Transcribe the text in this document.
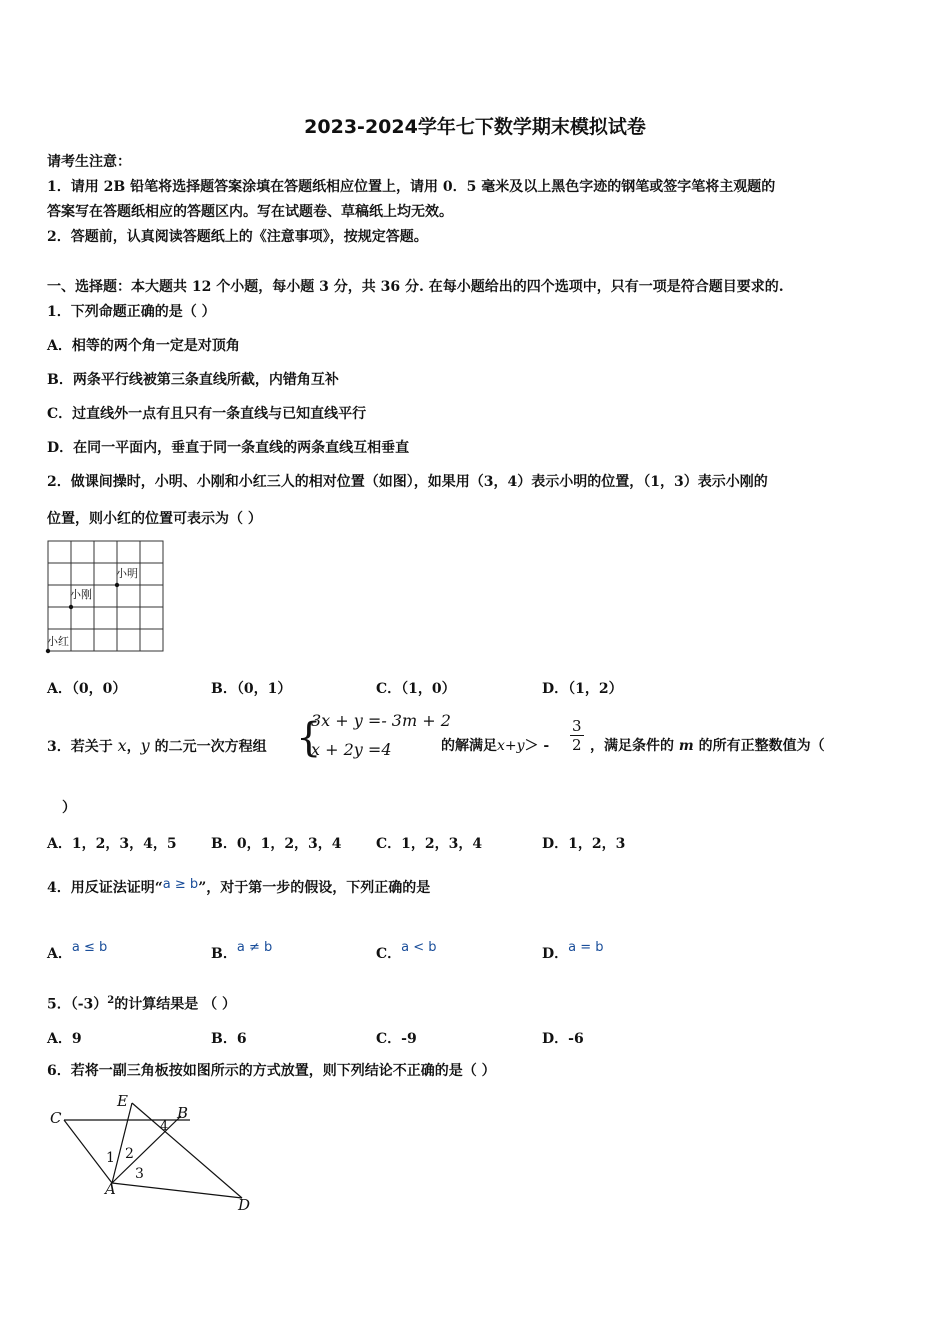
2023-2024学年七下数学期末模拟试卷
请考生注意：
1．请用 2B 铅笔将选择题答案涂填在答题纸相应位置上，请用 0．5 毫米及以上黑色字迹的钢笔或签字笔将主观题的
答案写在答题纸相应的答题区内。写在试题卷、草稿纸上均无效。
2．答题前，认真阅读答题纸上的《注意事项》，按规定答题。
一、选择题：本大题共 12 个小题，每小题 3 分，共 36 分. 在每小题给出的四个选项中，只有一项是符合题目要求的.
1．下列命题正确的是（ ）
A．相等的两个角一定是对顶角
B．两条平行线被第三条直线所截，内错角互补
C．过直线外一点有且只有一条直线与已知直线平行
D．在同一平面内，垂直于同一条直线的两条直线互相垂直
2．做课间操时，小明、小刚和小红三人的相对位置（如图），如果用（3，4）表示小明的位置，（1，3）表示小刚的
位置，则小红的位置可表示为（ ）
小明
小刚
小红
A．（0，0）	B．（0，1）	C．（1，0）	D．（1，2）
3．若关于 x，y 的二元一次方程组 {
3x + y =- 3m + 2
x + 2y =4	的解满足$x+y> - \frac{3}{2}$ ，满足条件的 m 的所有正整数值为（
）
A．1，2，3，4，5 B．0，1，2，3，4 C．1，2，3，4	D．1，2，3
4．用反证法证明“a ≥ b”，对于第一步的假设，下列正确的是
A．a ≤ b	B．a ≠ b	C．a < b	D．a = b
5．$(-3)^2$的计算结果是 （ ）
A．9	B．6	C．-9	D．-6
6．若将一副三角板按如图所示的方式放置，则下列结论不正确的是（ ）
C
E
B
A
D
1 2
3
4
